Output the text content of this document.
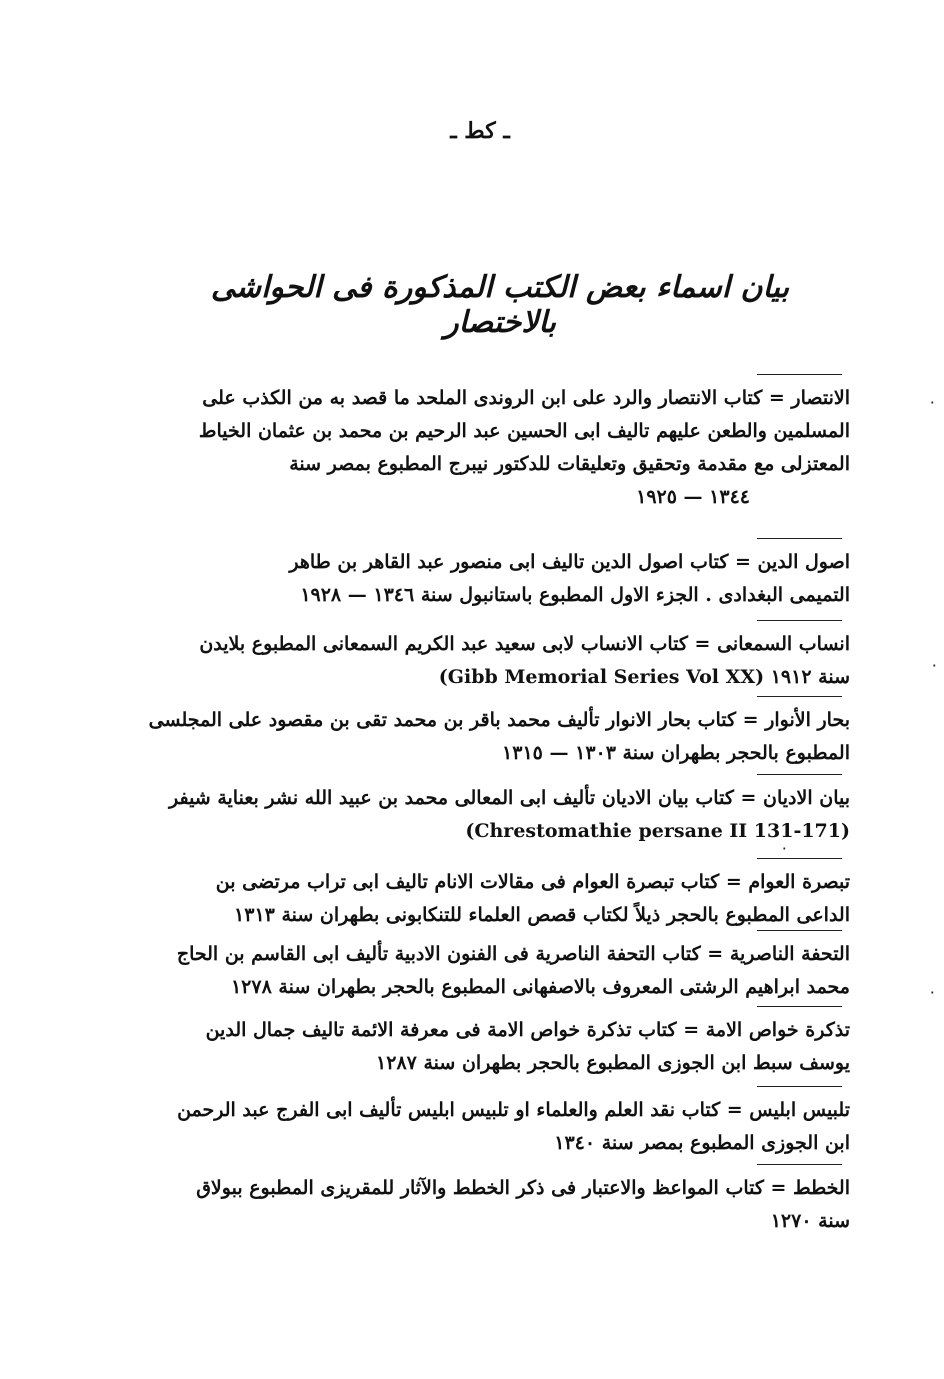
ـ كط ـ
بيان اسماء بعض الكتب المذكورة فى الحواشى بالاختصار
الانتصار = كتاب الانتصار والرد على ابن الروندى الملحد ما قصد به من الكذب على
المسلمين والطعن عليهم تاليف ابى الحسين عبد الرحيم بن محمد بن عثمان الخياط
المعتزلى مع مقدمة وتحقيق وتعليقات للدكتور نيبرج المطبوع بمصر سنة
١٣٤٤ — ١٩٢٥
اصول الدين = كتاب اصول الدين تاليف ابى منصور عبد القاهر بن طاهر
التميمى البغدادى . الجزء الاول المطبوع باستانبول سنة ١٣٤٦ — ١٩٢٨
انساب السمعانى = كتاب الانساب لابى سعيد عبد الكريم السمعانى المطبوع بلايدن
سنة ١٩١٢ (Gibb Memorial Series Vol XX)
بحار الأنوار = كتاب بحار الانوار تأليف محمد باقر بن محمد تقى بن مقصود على المجلسى
المطبوع بالحجر بطهران سنة ١٣٠٣ — ١٣١٥
بيان الاديان = كتاب بيان الاديان تأليف ابى المعالى محمد بن عبيد الله نشر بعناية شيفر
(Chrestomathie persane II 131-171)
تبصرة العوام = كتاب تبصرة العوام فى مقالات الانام تاليف ابى تراب مرتضى بن
الداعى المطبوع بالحجر ذيلاً لكتاب قصص العلماء للتنكابونى بطهران سنة ١٣١٣
التحفة الناصرية = كتاب التحفة الناصرية فى الفنون الادبية تأليف ابى القاسم بن الحاج
محمد ابراهيم الرشتى المعروف بالاصفهانى المطبوع بالحجر بطهران سنة ١٢٧٨
تذكرة خواص الامة = كتاب تذكرة خواص الامة فى معرفة الائمة تاليف جمال الدين
يوسف سبط ابن الجوزى المطبوع بالحجر بطهران سنة ١٢٨٧
تلبيس ابليس = كتاب نقد العلم والعلماء او تلبيس ابليس تأليف ابى الفرج عبد الرحمن
ابن الجوزى المطبوع بمصر سنة ١٣٤٠
الخطط = كتاب المواعظ والاعتبار فى ذكر الخطط والآثار للمقريزى المطبوع ببولاق
سنة ١٢٧٠
٠
٠
٠
٠
